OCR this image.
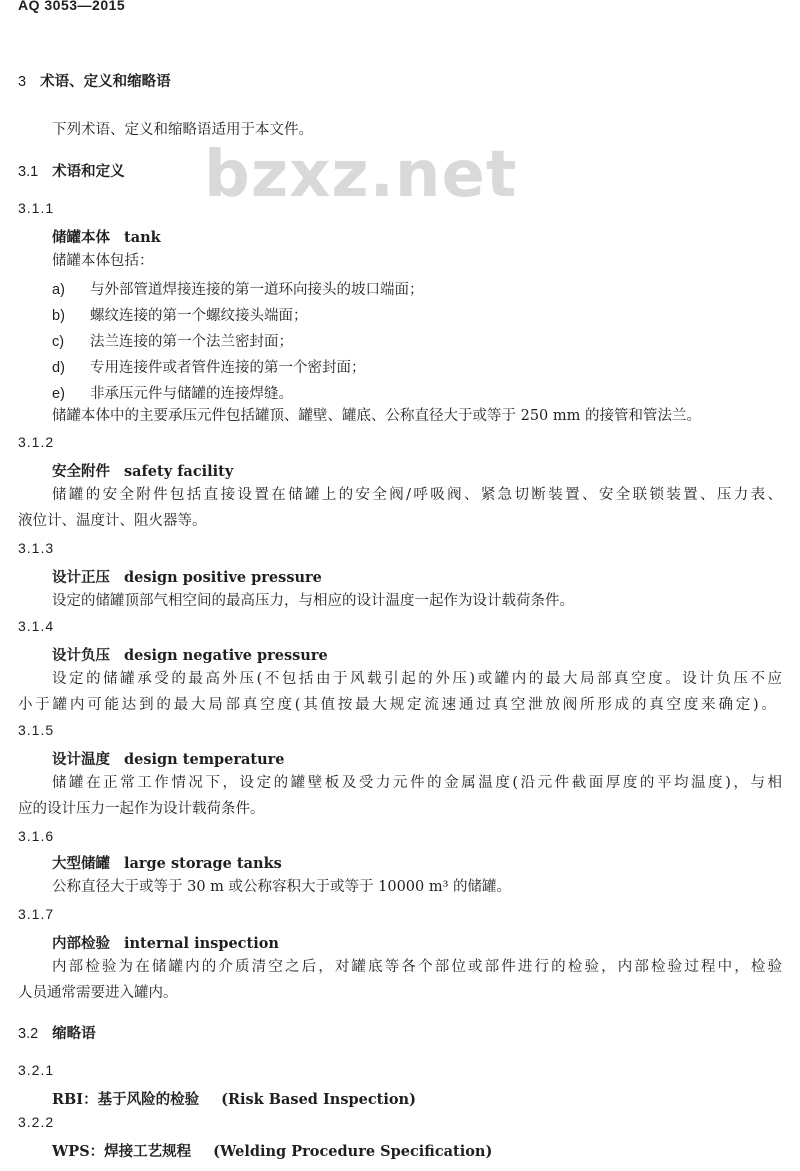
AQ 3053—2015
bzxz.net
3 术语、定义和缩略语
下列术语、定义和缩略语适用于本文件。
3.1 术语和定义
3.1.1
储罐本体 tank
储罐本体包括：
a) 与外部管道焊接连接的第一道环向接头的坡口端面；
b) 螺纹连接的第一个螺纹接头端面；
c) 法兰连接的第一个法兰密封面；
d) 专用连接件或者管件连接的第一个密封面；
e) 非承压元件与储罐的连接焊缝。
储罐本体中的主要承压元件包括罐顶、罐壁、罐底、公称直径大于或等于 250 mm 的接管和管法兰。
3.1.2
安全附件 safety facility
储罐的安全附件包括直接设置在储罐上的安全阀/呼吸阀、紧急切断装置、安全联锁装置、压力表、
液位计、温度计、阻火器等。
3.1.3
设计正压 design positive pressure
设定的储罐顶部气相空间的最高压力，与相应的设计温度一起作为设计载荷条件。
3.1.4
设计负压 design negative pressure
设定的储罐承受的最高外压(不包括由于风载引起的外压)或罐内的最大局部真空度。设计负压不应
小于罐内可能达到的最大局部真空度(其值按最大规定流速通过真空泄放阀所形成的真空度来确定)。
3.1.5
设计温度 design temperature
储罐在正常工作情况下，设定的罐壁板及受力元件的金属温度(沿元件截面厚度的平均温度)，与相
应的设计压力一起作为设计载荷条件。
3.1.6
大型储罐 large storage tanks
公称直径大于或等于 30 m 或公称容积大于或等于 10000 m³ 的储罐。
3.1.7
内部检验 internal inspection
内部检验为在储罐内的介质清空之后，对罐底等各个部位或部件进行的检验，内部检验过程中，检验
人员通常需要进入罐内。
3.2 缩略语
3.2.1
RBI：基于风险的检验 (Risk Based Inspection)
3.2.2
WPS：焊接工艺规程 (Welding Procedure Specification)
